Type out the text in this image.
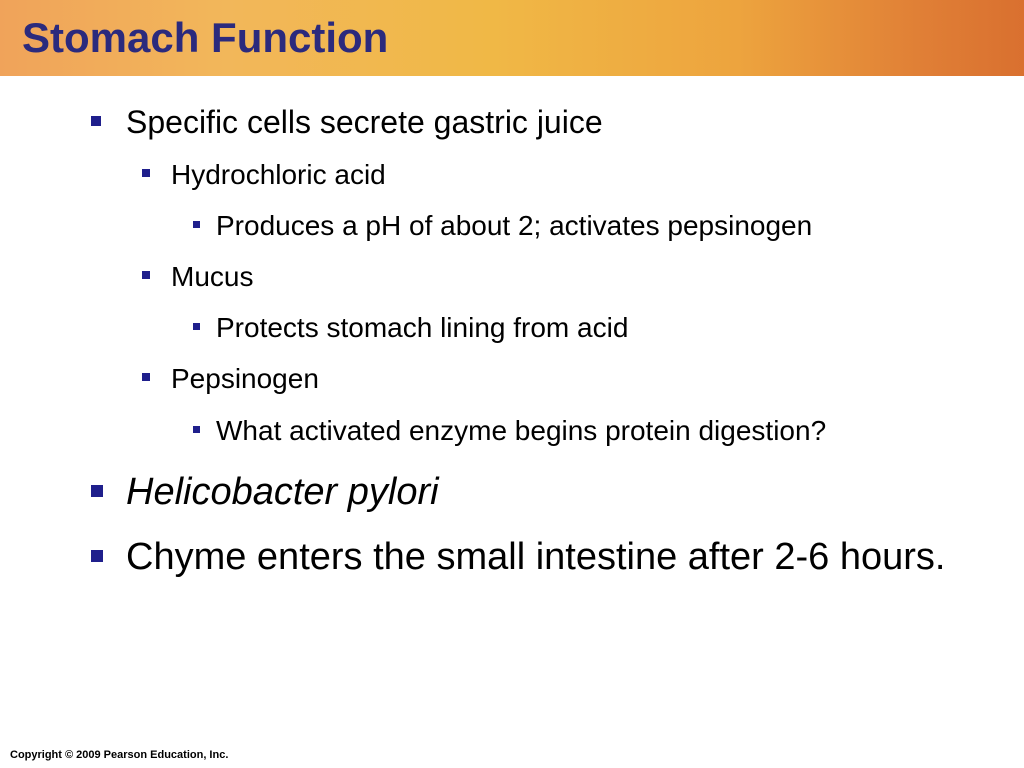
Stomach Function
Specific cells secrete gastric juice
Hydrochloric acid
Produces a pH of about 2; activates pepsinogen
Mucus
Protects stomach lining from acid
Pepsinogen
What activated enzyme begins protein digestion?
Helicobacter pylori
Chyme enters the small intestine after 2-6 hours.
Copyright © 2009 Pearson Education, Inc.
